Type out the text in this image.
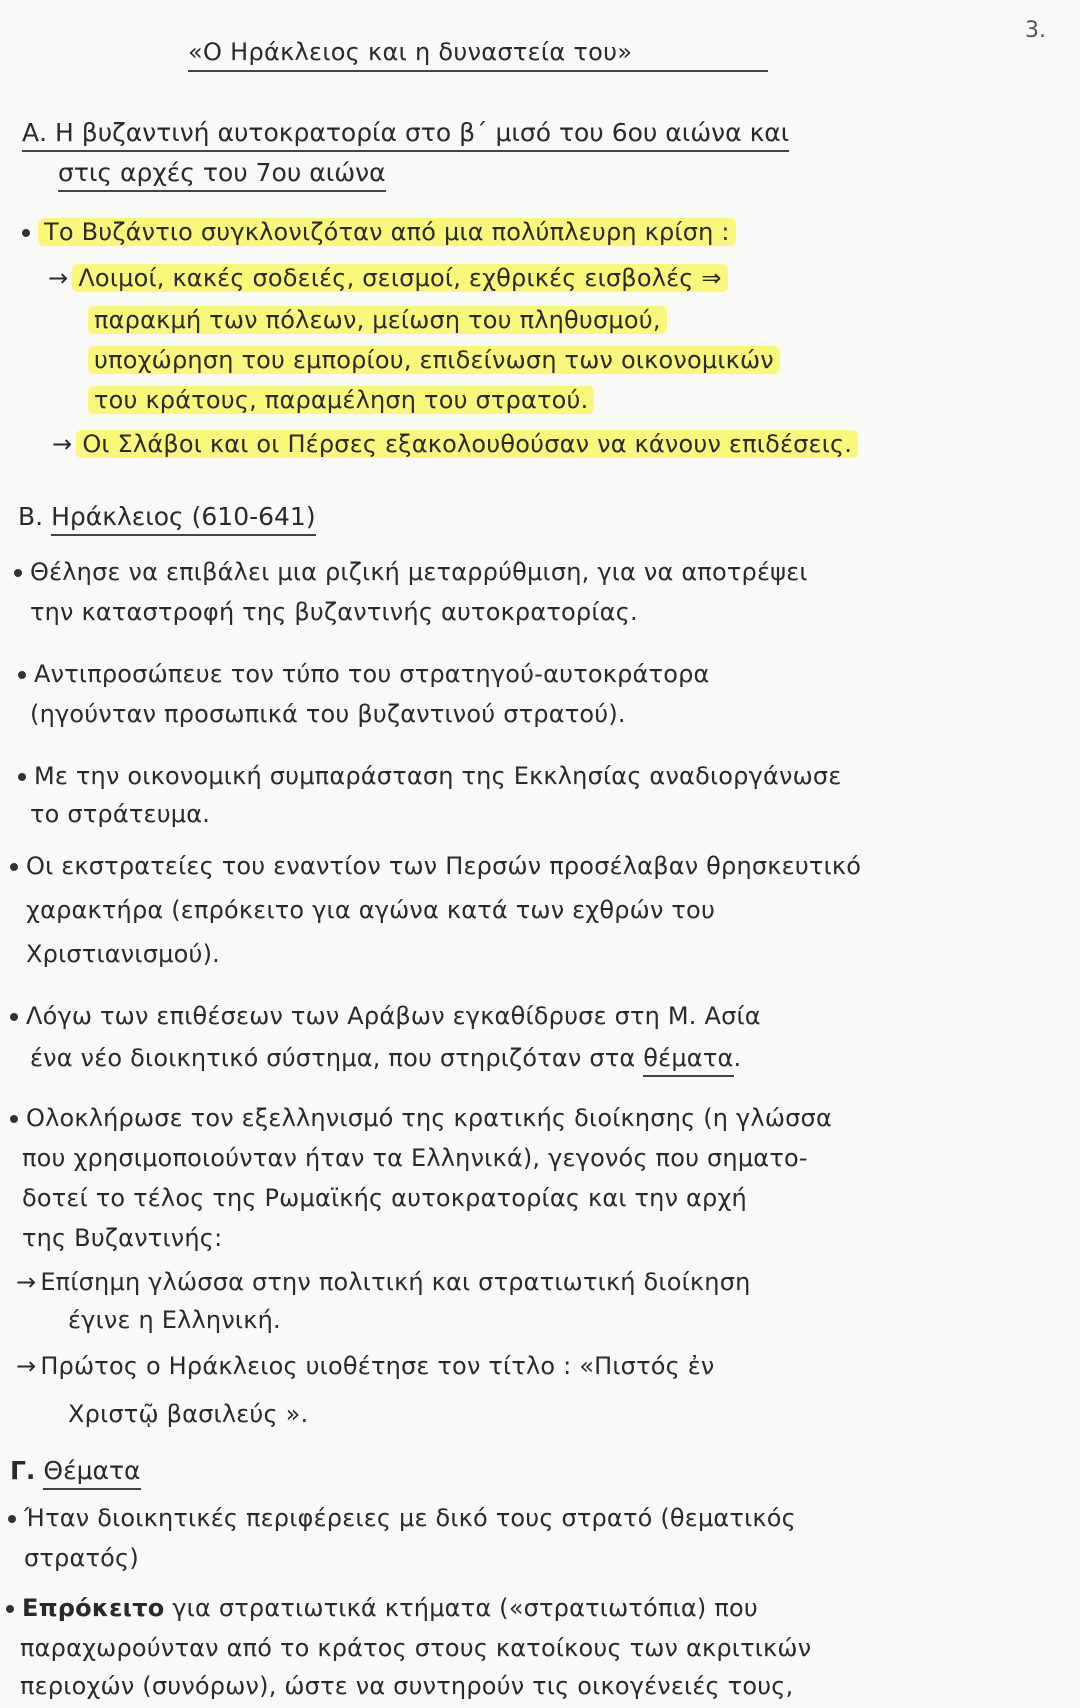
3.
«Ο Ηράκλειος και η δυναστεία του»
Α. Η βυζαντινή αυτοκρατορία στο β΄ μισό του 6ου αιώνα και
στις αρχές του 7ου αιώνα
Το Βυζάντιο συγκλονιζόταν από μια πολύπλευρη κρίση :
→ Λοιμοί, κακές σοδειές, σεισμοί, εχθρικές εισβολές ⇒
παρακμή των πόλεων, μείωση του πληθυσμού,
υποχώρηση του εμπορίου, επιδείνωση των οικονομικών
του κράτους, παραμέληση του στρατού.
→ Οι Σλάβοι και οι Πέρσες εξακολουθούσαν να κάνουν επιδέσεις.
Β. Ηράκλειος (610-641)
Θέλησε να επιβάλει μια ριζική μεταρρύθμιση, για να αποτρέψει
την καταστροφή της βυζαντινής αυτοκρατορίας.
Αντιπροσώπευε τον τύπο του στρατηγού-αυτοκράτορα
(ηγούνταν προσωπικά του βυζαντινού στρατού).
Με την οικονομική συμπαράσταση της Εκκλησίας αναδιοργάνωσε
το στράτευμα.
Οι εκστρατείες του εναντίον των Περσών προσέλαβαν θρησκευτικό
χαρακτήρα (επρόκειτο για αγώνα κατά των εχθρών του
Χριστιανισμού).
Λόγω των επιθέσεων των Αράβων εγκαθίδρυσε στη Μ. Ασία
ένα νέο διοικητικό σύστημα, που στηριζόταν στα θέματα.
Ολοκλήρωσε τον εξελληνισμό της κρατικής διοίκησης (η γλώσσα
που χρησιμοποιούνταν ήταν τα Ελληνικά), γεγονός που σηματο-
δοτεί το τέλος της Ρωμαϊκής αυτοκρατορίας και την αρχή
της Βυζαντινής:
→ Επίσημη γλώσσα στην πολιτική και στρατιωτική διοίκηση
έγινε η Ελληνική.
→ Πρώτος ο Ηράκλειος υιοθέτησε τον τίτλο : «Πιστός ἐν
Χριστῷ βασιλεύς ».
Γ. Θέματα
Ήταν διοικητικές περιφέρειες με δικό τους στρατό (θεματικός
στρατός)
Επρόκειτο για στρατιωτικά κτήματα («στρατιωτόπια) που
παραχωρούνταν από το κράτος στους κατοίκους των ακριτικών
περιοχών (συνόρων), ώστε να συντηρούν τις οικογένειές τους,
